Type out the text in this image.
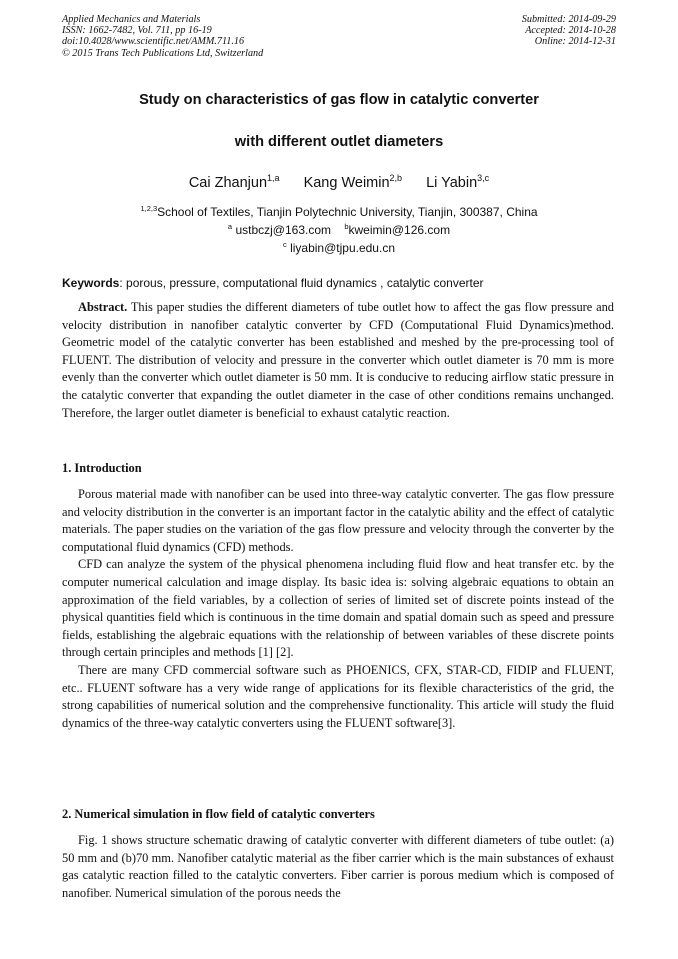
Applied Mechanics and Materials
ISSN: 1662-7482, Vol. 711, pp 16-19
doi:10.4028/www.scientific.net/AMM.711.16
© 2015 Trans Tech Publications Ltd, Switzerland
Submitted: 2014-09-29
Accepted: 2014-10-28
Online: 2014-12-31
Study on characteristics of gas flow in catalytic converter
with different outlet diameters
Cai Zhanjun$^{1,a}$ Kang Weimin$^{2,b}$ Li Yabin$^{3,c}$
$^{1,2,3}$School of Textiles, Tianjin Polytechnic University, Tianjin, 300387, China
$^a$ ustbczj@163.com $^b$kweimin@126.com
$^c$ liyabin@tjpu.edu.cn
Keywords: porous, pressure, computational fluid dynamics , catalytic converter

Abstract. This paper studies the different diameters of tube outlet how to affect the gas flow pressure and velocity distribution in nanofiber catalytic converter by CFD (Computational Fluid Dynamics)method. Geometric model of the catalytic converter has been established and meshed by the pre-processing tool of FLUENT. The distribution of velocity and pressure in the converter which outlet diameter is 70 mm is more evenly than the converter which outlet diameter is 50 mm. It is conducive to reducing airflow static pressure in the catalytic converter that expanding the outlet diameter in the case of other conditions remains unchanged. Therefore, the larger outlet diameter is beneficial to exhaust catalytic reaction.

1. Introduction

Porous material made with nanofiber can be used into three-way catalytic converter. The gas flow pressure and velocity distribution in the converter is an important factor in the catalytic ability and the effect of catalytic materials. The paper studies on the variation of the gas flow pressure and velocity through the converter by the computational fluid dynamics (CFD) methods.

CFD can analyze the system of the physical phenomena including fluid flow and heat transfer etc. by the computer numerical calculation and image display. Its basic idea is: solving algebraic equations to obtain an approximation of the field variables, by a collection of series of limited set of discrete points instead of the physical quantities field which is continuous in the time domain and spatial domain such as speed and pressure fields, establishing the algebraic equations with the relationship of between variables of these discrete points through certain principles and methods [1] [2].

There are many CFD commercial software such as PHOENICS, CFX, STAR-CD, FIDIP and FLUENT, etc.. FLUENT software has a very wide range of applications for its flexible characteristics of the grid, the strong capabilities of numerical solution and the comprehensive functionality. This article will study the fluid dynamics of the three-way catalytic converters using the FLUENT software[3].

2. Numerical simulation in flow field of catalytic converters

Fig. 1 shows structure schematic drawing of catalytic converter with different diameters of tube outlet: (a) 50 mm and (b)70 mm. Nanofiber catalytic material as the fiber carrier which is the main substances of exhaust gas catalytic reaction filled to the catalytic converters. Fiber carrier is porous medium which is composed of nanofiber. Numerical simulation of the porous needs the
